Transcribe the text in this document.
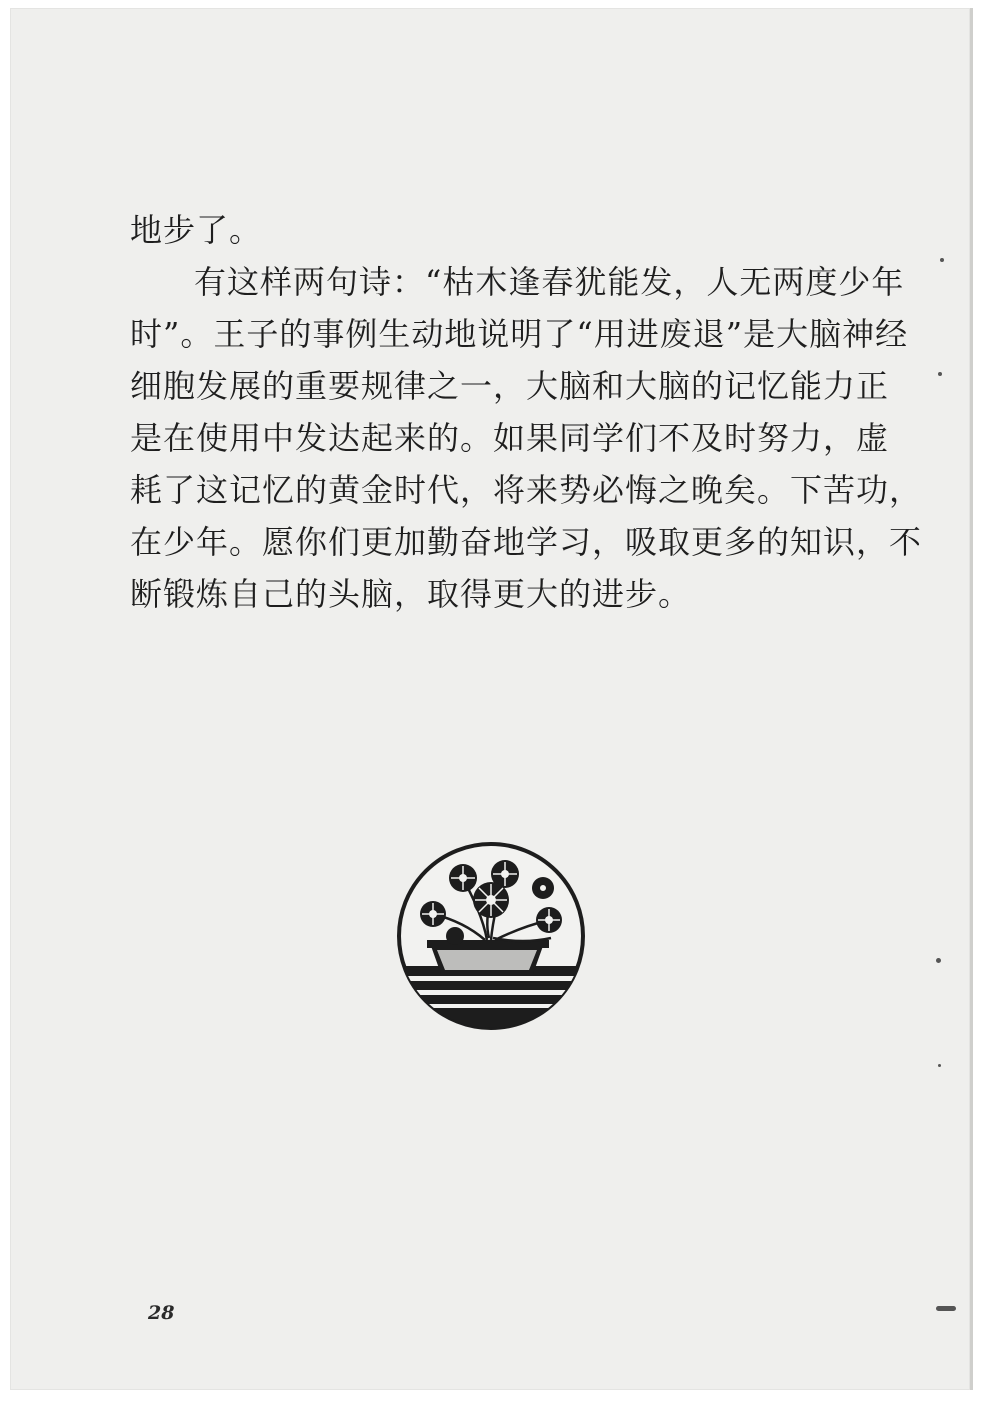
地步了。
有这样两句诗：“枯木逢春犹能发，人无两度少年
时”。王子的事例生动地说明了“用进废退”是大脑神经
细胞发展的重要规律之一，大脑和大脑的记忆能力正
是在使用中发达起来的。如果同学们不及时努力，虚
耗了这记忆的黄金时代，将来势必悔之晚矣。下苦功，
在少年。愿你们更加勤奋地学习，吸取更多的知识，不
断锻炼自己的头脑，取得更大的进步。
28
